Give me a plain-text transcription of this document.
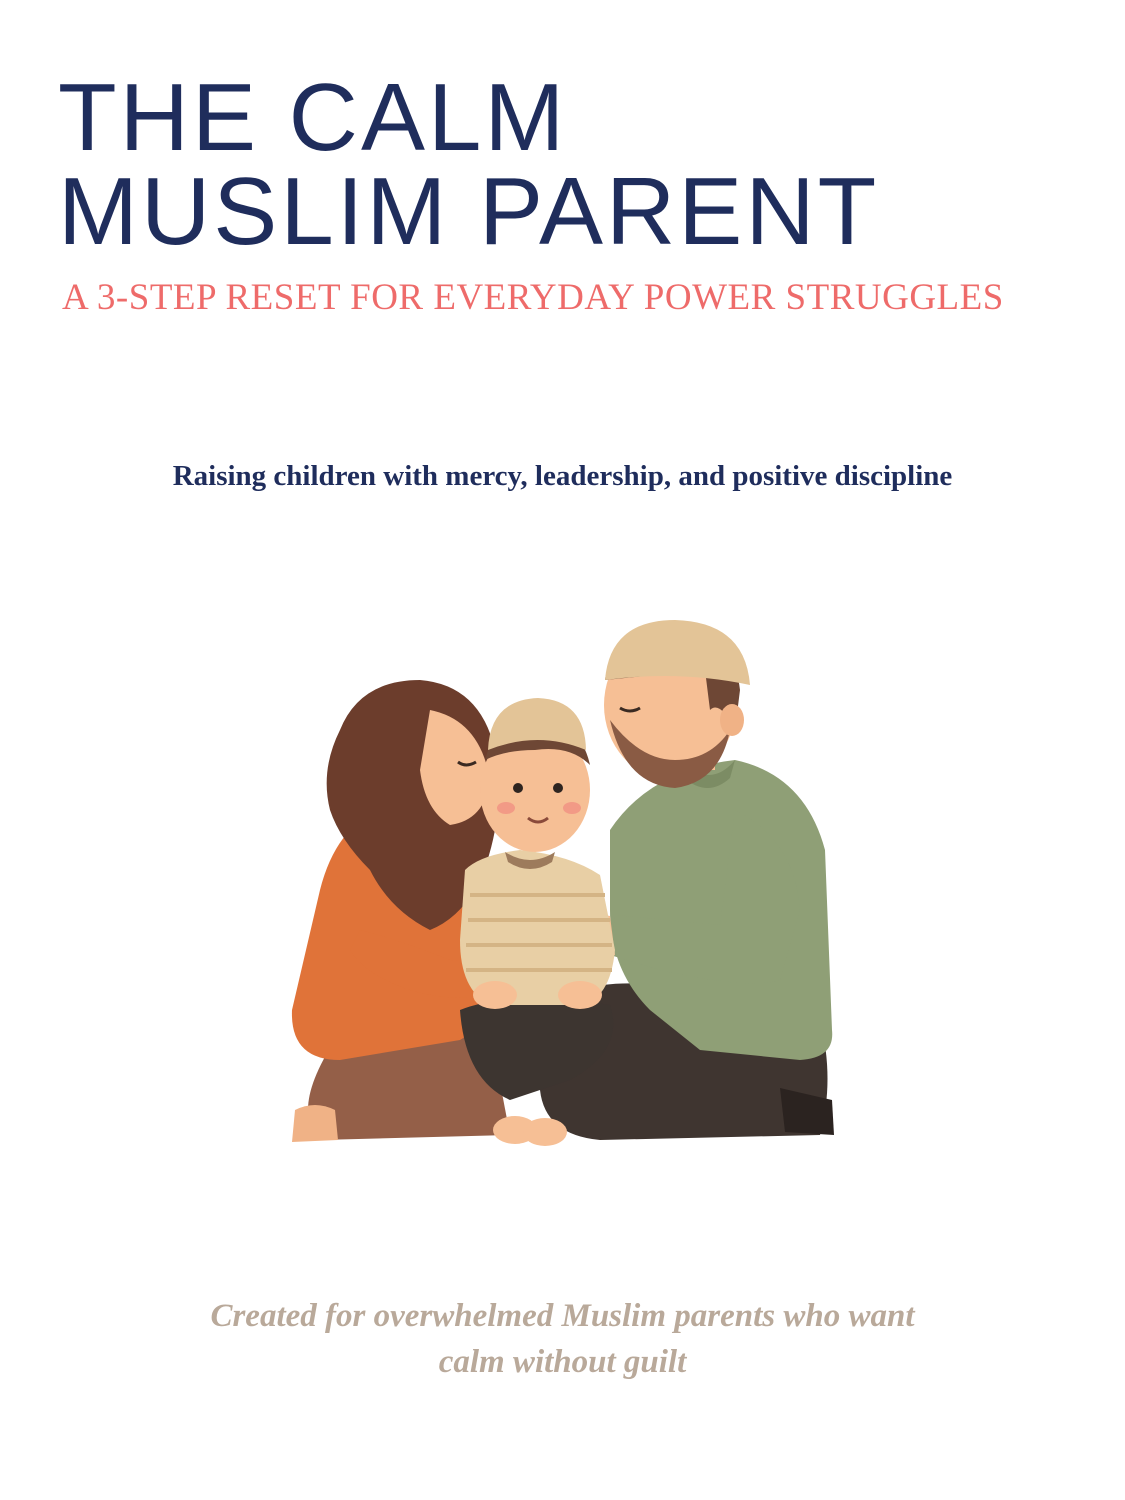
THE CALM
MUSLIM PARENT

A 3-STEP RESET FOR EVERYDAY POWER STRUGGLES

Raising children with mercy, leadership, and positive discipline

Created for overwhelmed Muslim parents who want
calm without guilt
